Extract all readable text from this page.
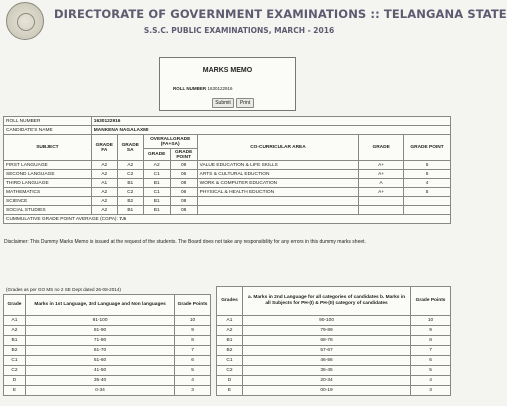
DIRECTORATE OF GOVERNMENT EXAMINATIONS :: TELANGANA STATE
S.S.C. PUBLIC EXAMINATIONS, MARCH - 2016
MARKS MEMO
ROLL NUMBER 1630122916
Submit	Print
ROLL NUMBER	1630122916						
CANDIDATE'S NAME	MANKENA NAGALAXMI						
SUBJECT	GRADE FA	GRADE SA	OVERALLGRADE (FA+SA)		CO-CURRICULAR AREA	GRADE	GRADE POINT
			GRADE	GRADE POINT			
FIRST LANGUAGE	A2	A2	A2	09	VALUE EDUCATION & LIFE SKILLS	A+	5
SECOND LANGUAGE	A2	C2	C1	06	ARTS & CULTURAL EDUCTION	A+	5
THIRD LANGUAGE	A1	B1	B1	08	WORK & COMPUTER EDUCATION	A	4
MATHEMATICS	A2	C2	C1	06	PHYSICAL & HEALTH EDUCTION	A+	5
SCIENCE	A2	B2	B1	08			
SOCIAL STUDIES	A2	B1	B1	08			
CUMMULATIVE GRADE POINT AVERAGE (CGPA): 7.5							
Disclaimer: This Dummy Marks Memo is issued at the request of the students. The Board does not take any responsibility for any errors in this dummy marks sheet.
(Grades as per GO MS no 2 SE Dept dated 26-08-2014)
Grade	Marks in 1st Language, 3rd Language and Non languages	Grade Points
A1	91-100	10
A2	81-90	9
B1	71-80	8
B2	61-70	7
C1	51-60	6
C2	41-50	5
D	35-40	4
E	0-34	3
Grades	a. Marks in 2nd Language for all categories of candidates b. Marks in all Subjects for PH-(I) & PH-(II) category of candidates	Grade Points
A1	90-100	10
A2	79-89	9
B1	68-78	8
B2	57-67	7
C1	46-56	6
C2	35-45	5
D	20-34	4
E	00-19	3
